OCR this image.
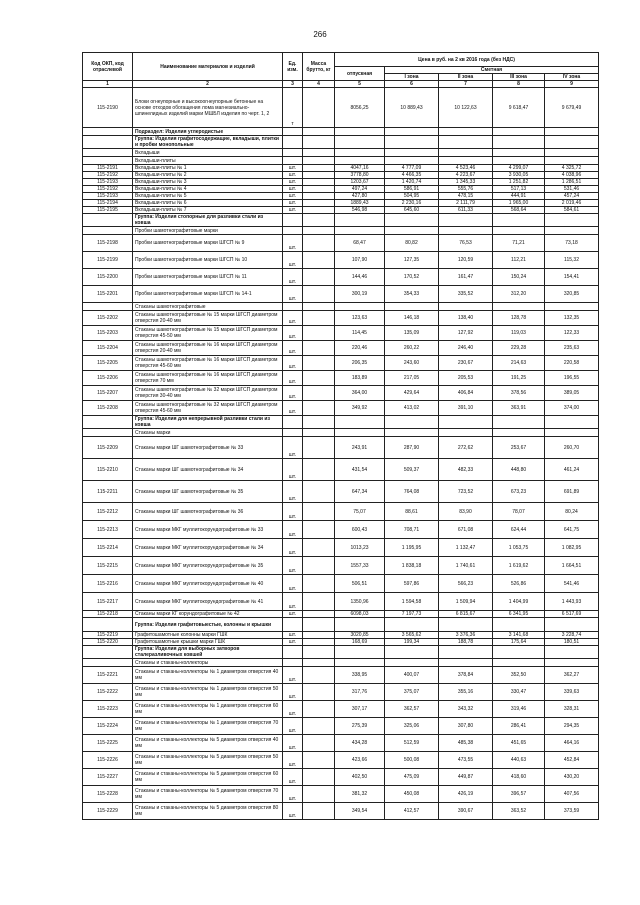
266
Код ОКП, код отраслевой	Наименование материалов и изделий	Ед. изм.	Масса брутто, кг	Цена в руб. на 2 кв 2016 года (без НДС)				
				отпускная	Сметная			
					I зона	II зона	III зона	IV зона
1	2	3	4	5	6	7	8	9
115-2190	Блоки огнеупорные и высокоогнеупорные бетонные на основе отходов обогащения лома магнезиально-шпинелидных изделий марки МШБЛ изделия по черт. 1, 2	т		8056,25	10 889,43	10 122,63	9 618,47	9 679,49
	Подраздел: Изделия углеродистые							
	Группа: Изделия графитосодержащие, вкладыши, плитки и пробки монопольные							
	Вкладыши							
	Вкладыши-плиты							
115-2191	Вкладыши-плиты № 1	шт.		4047,16	4 777,09	4 523,46	4 299,07	4 325,72
115-2192	Вкладыши-плиты № 2	шт.		3778,80	4 466,35	4 223,67	3 930,05	4 038,96
115-2193	Вкладыши-плиты № 3	шт.		1203,67	1 420,74	1 345,33	1 251,82	1 286,51
115-2192	Вкладыши-плиты № 4	шт.		497,24	586,91	555,76	517,13	531,46
115-2193	Вкладыши-плиты № 5	шт.		427,80	504,95	478,15	444,91	457,24
115-2194	Вкладыши-плиты № 6	шт.		1889,43	2 230,16	2 111,79	1 965,00	2 019,46
115-2195	Вкладыши-плиты № 7	шт.		546,98	645,60	611,33	568,64	584,61
	Группа: Изделия стопорные для разливки стали из ковша							
	Пробки шамотнографитовые марки							
115-2198	Пробки шамотнографитовые марки ШГСП № 9	шт.		68,47	80,82	76,53	71,21	73,18
115-2199	Пробки шамотнографитовые марки ШГСП № 10	шт.		107,90	127,35	120,59	112,21	115,32
115-2200	Пробки шамотнографитовые марки ШГСП № 11	шт.		144,46	170,52	161,47	150,24	154,41
115-2201	Пробки шамотнографитовые марки ШГСП № 14-1	шт.		300,19	354,33	335,52	312,20	320,85
	Стаканы шамотнографитовые							
115-2202	Стаканы шамотнографитовые № 15 марки ШГСП диаметром отверстия 20-40 мм	шт.		123,63	146,18	138,40	128,78	132,35
115-2203	Стаканы шамотнографитовые № 15 марки ШГСП диаметром отверстия 45-50 мм	шт.		114,45	135,09	127,92	119,03	122,33
115-2204	Стаканы шамотнографитовые № 16 марки ШГСП диаметром отверстия 20-40 мм	шт.		220,46	260,22	246,40	229,28	235,63
115-2205	Стаканы шамотнографитовые № 16 марки ШГСП диаметром отверстия 45-60 мм	шт.		206,35	243,60	230,67	214,63	220,58
115-2206	Стаканы шамотнографитовые № 16 марки ШГСП диаметром отверстия 70 мм	шт.		183,89	217,05	205,53	191,25	196,55
115-2207	Стаканы шамотнографитовые № 32 марки ШГСП диаметром отверстия 30-40 мм	шт.		364,00	429,64	406,84	378,56	389,05
115-2208	Стаканы шамотнографитовые № 32 марки ШГСП диаметром отверстия 45-60 мм	шт.		349,92	413,02	391,10	363,91	374,00
	Группа: Изделия для непрерывной разливки стали из ковша							
	Стаканы марки							
115-2209	Стаканы марки ШГ шамотнографитовые № 33	шт.		243,91	287,90	272,62	253,67	260,70
115-2210	Стаканы марки ШГ шамотнографитовые № 34	шт.		431,54	509,37	482,33	448,80	461,24
115-2211	Стаканы марки ШГ шамотнографитовые № 35	шт.		647,34	764,08	723,52	673,23	691,89
115-2212	Стаканы марки ШГ шамотнографитовые № 36	шт.		75,07	88,61	83,90	78,07	80,24
115-2213	Стаканы марки МКГ муллитокорундографитовые № 33	шт.		600,43	708,71	671,08	624,44	641,75
115-2214	Стаканы марки МКГ муллитокорундографитовые № 34	шт.		1013,23	1 195,95	1 132,47	1 053,75	1 082,95
115-2215	Стаканы марки МКГ муллитокорундографитовые № 35	шт.		1557,33	1 838,18	1 740,61	1 619,62	1 664,51
115-2216	Стаканы марки МКГ муллитокорундографитовые № 40	шт.		506,51	597,86	566,23	526,86	541,46
115-2217	Стаканы марки МКГ муллитокорундографитовые № 41	шт.		1350,96	1 594,58	1 509,94	1 404,99	1 443,93
115-2218	Стаканы марки КГ корундографитовые № 42	шт.		6098,03	7 197,73	6 815,67	6 341,95	6 517,69
	Группа: Изделия графитовыестые, колонны и крышки							
115-2219	Графитошамотные колонны марки ГШК	шт.		3020,85	3 565,62	3 376,36	3 141,68	3 228,74
115-2220	Графитошамотные крышки марки ГШК	шт.		168,69	199,34	188,78	175,64	180,51
	Группа: Изделия для выборных затворов сталеразливочных ковшей							
	Стаканы и стаканы-коллекторы							
115-2221	Стаканы и стаканы-коллекторы № 1 диаметром отверстия 40 мм	шт.		338,95	400,07	378,84	352,50	362,27
115-2222	Стаканы и стаканы-коллекторы № 1 диаметром отверстия 50 мм	шт.		317,76	375,07	355,16	330,47	339,63
115-2223	Стаканы и стаканы-коллекторы № 1 диаметром отверстия 60 мм	шт.		307,17	362,57	343,32	319,46	328,31
115-2224	Стаканы и стаканы-коллекторы № 1 диаметром отверстия 70 мм	шт.		275,39	325,06	307,80	286,41	294,35
115-2225	Стаканы и стаканы-коллекторы № 5 диаметром отверстия 40 мм	шт.		434,28	512,59	485,38	451,65	464,16
115-2226	Стаканы и стаканы-коллекторы № 5 диаметром отверстия 50 мм	шт.		423,66	500,08	473,55	440,63	452,84
115-2227	Стаканы и стаканы-коллекторы № 5 диаметром отверстия 60 мм	шт.		402,50	475,09	449,87	418,60	430,20
115-2228	Стаканы и стаканы-коллекторы № 5 диаметром отверстия 70 мм	шт.		381,32	450,08	426,19	396,57	407,56
115-2229	Стаканы и стаканы-коллекторы № 5 диаметром отверстия 80 мм	шт.		349,54	412,57	390,67	363,52	373,59
